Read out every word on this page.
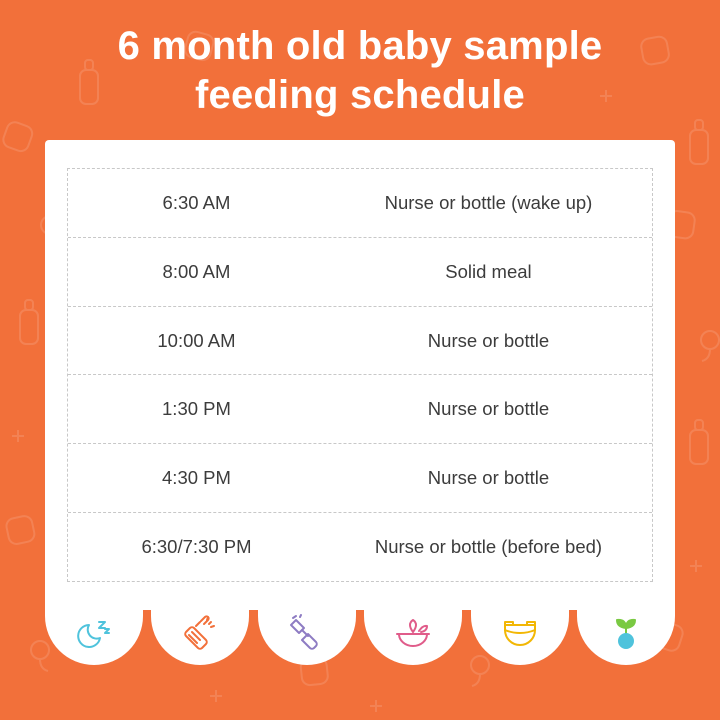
6 month old baby sample
feeding schedule
6:30 AM	Nurse or bottle (wake up)
8:00 AM	Solid meal
10:00 AM	Nurse or bottle
1:30 PM	Nurse or bottle
4:30 PM	Nurse or bottle
6:30/7:30 PM	Nurse or bottle (before bed)
